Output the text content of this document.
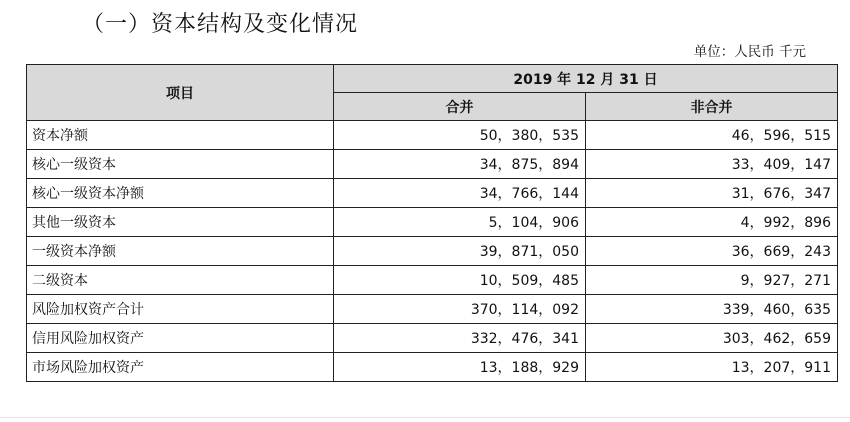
（一）资本结构及变化情况
单位：人民币 千元
项目	2019 年 12 月 31 日	
	合并	非合并
资本净额	50，380，535	46，596，515
核心一级资本	34，875，894	33，409，147
核心一级资本净额	34，766，144	31，676，347
其他一级资本	5，104，906	4，992，896
一级资本净额	39，871，050	36，669，243
二级资本	10，509，485	9，927，271
风险加权资产合计	370，114，092	339，460，635
信用风险加权资产	332，476，341	303，462，659
市场风险加权资产	13，188，929	13，207，911
